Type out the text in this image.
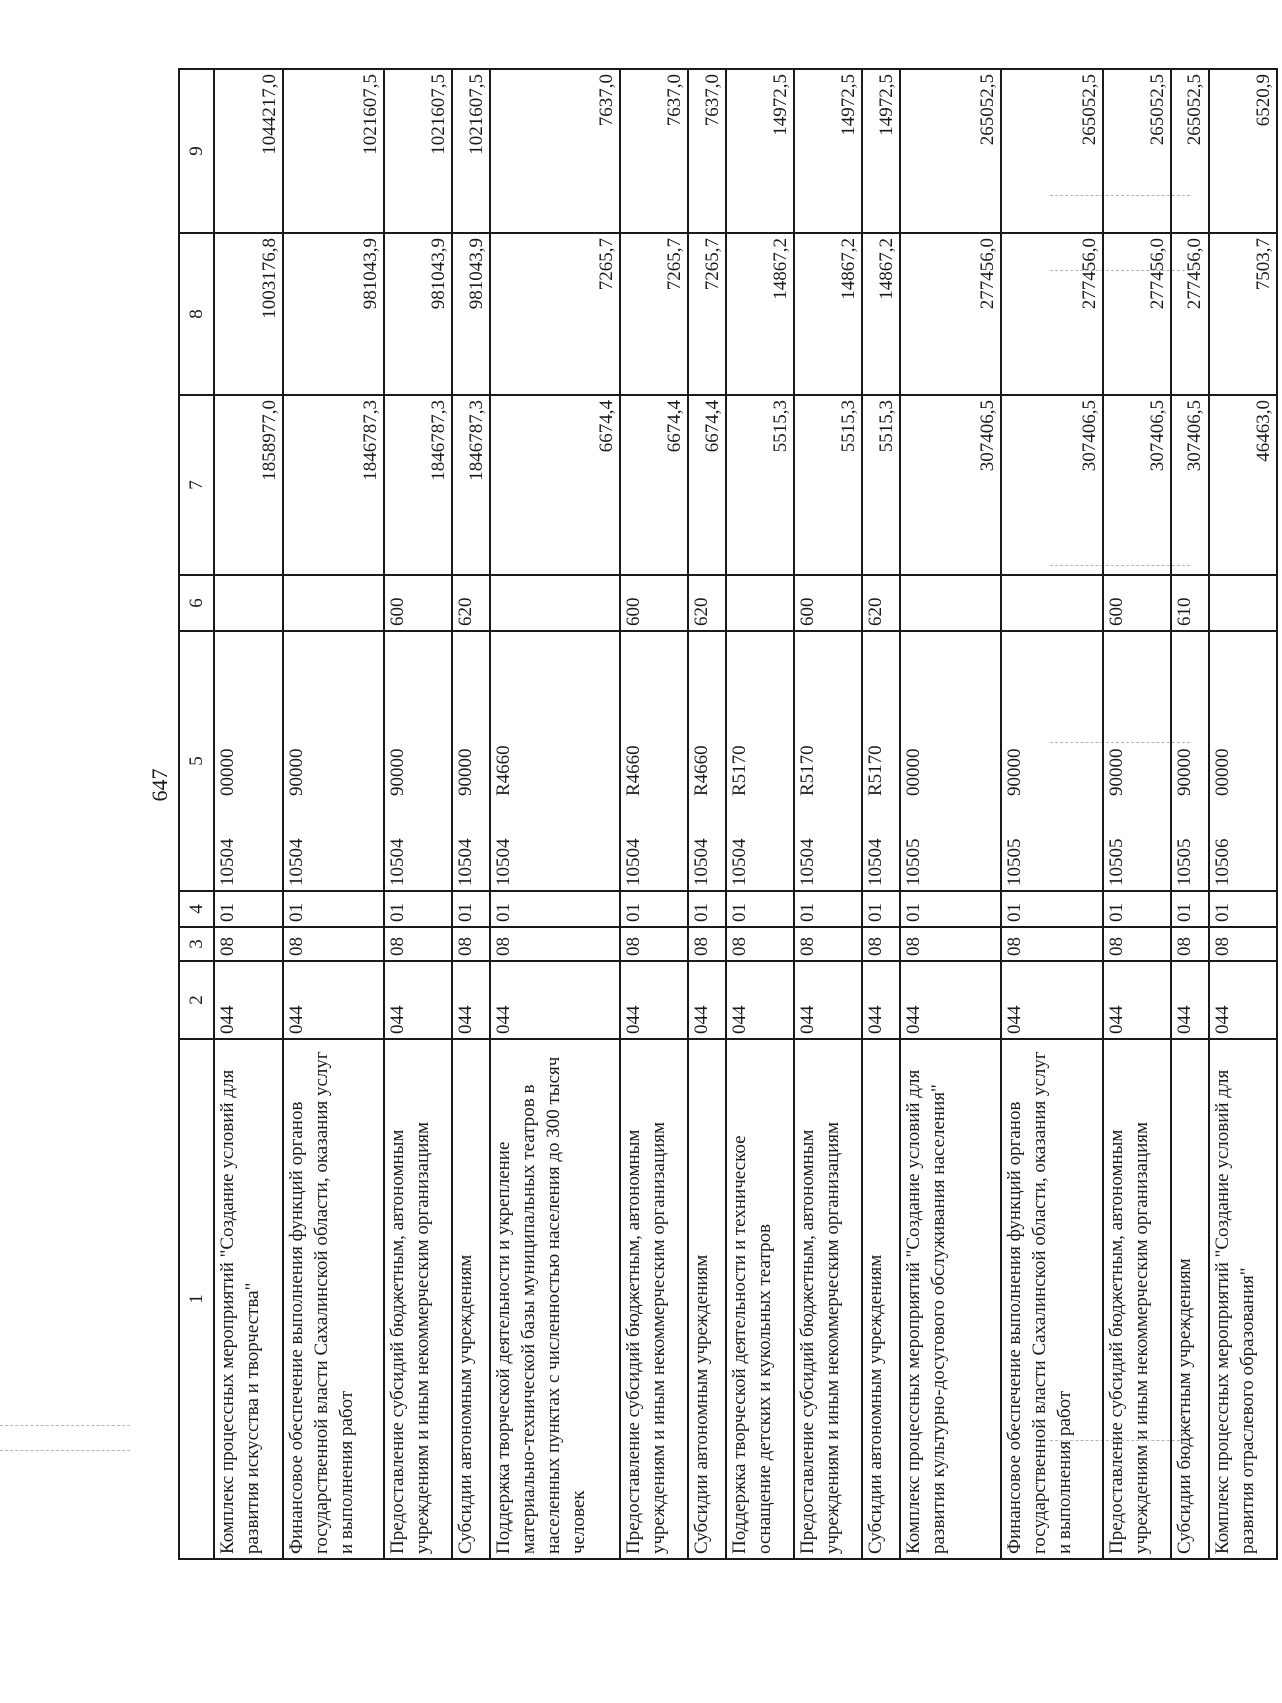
647
1	2	3	4	5	6	7	8	9
Комплекс процессных мероприятий "Создание условий для развития искусства и творчества"	044	08	01	1050400000		1858977,0	1003176,8	1044217,0
Финансовое обеспечение выполнения функций органов государственной власти Сахалинской области, оказания услуг и выполнения работ	044	08	01	1050490000		1846787,3	981043,9	1021607,5
Предоставление субсидий бюджетным, автономным учреждениям и иным некоммерческим организациям	044	08	01	1050490000	600	1846787,3	981043,9	1021607,5
Субсидии автономным учреждениям	044	08	01	1050490000	620	1846787,3	981043,9	1021607,5
Поддержка творческой деятельности и укрепление материально-технической базы муниципальных театров в населенных пунктах с численностью населения до 300 тысяч человек	044	08	01	10504R4660		6674,4	7265,7	7637,0
Предоставление субсидий бюджетным, автономным учреждениям и иным некоммерческим организациям	044	08	01	10504R4660	600	6674,4	7265,7	7637,0
Субсидии автономным учреждениям	044	08	01	10504R4660	620	6674,4	7265,7	7637,0
Поддержка творческой деятельности и техническое оснащение детских и кукольных театров	044	08	01	10504R5170		5515,3	14867,2	14972,5
Предоставление субсидий бюджетным, автономным учреждениям и иным некоммерческим организациям	044	08	01	10504R5170	600	5515,3	14867,2	14972,5
Субсидии автономным учреждениям	044	08	01	10504R5170	620	5515,3	14867,2	14972,5
Комплекс процессных мероприятий "Создание условий для развития культурно-досугового обслуживания населения"	044	08	01	1050500000		307406,5	277456,0	265052,5
Финансовое обеспечение выполнения функций органов государственной власти Сахалинской области, оказания услуг и выполнения работ	044	08	01	1050590000		307406,5	277456,0	265052,5
Предоставление субсидий бюджетным, автономным учреждениям и иным некоммерческим организациям	044	08	01	1050590000	600	307406,5	277456,0	265052,5
Субсидии бюджетным учреждениям	044	08	01	1050590000	610	307406,5	277456,0	265052,5
Комплекс процессных мероприятий "Создание условий для развития отраслевого образования"	044	08	01	1050600000		46463,0	7503,7	6520,9
